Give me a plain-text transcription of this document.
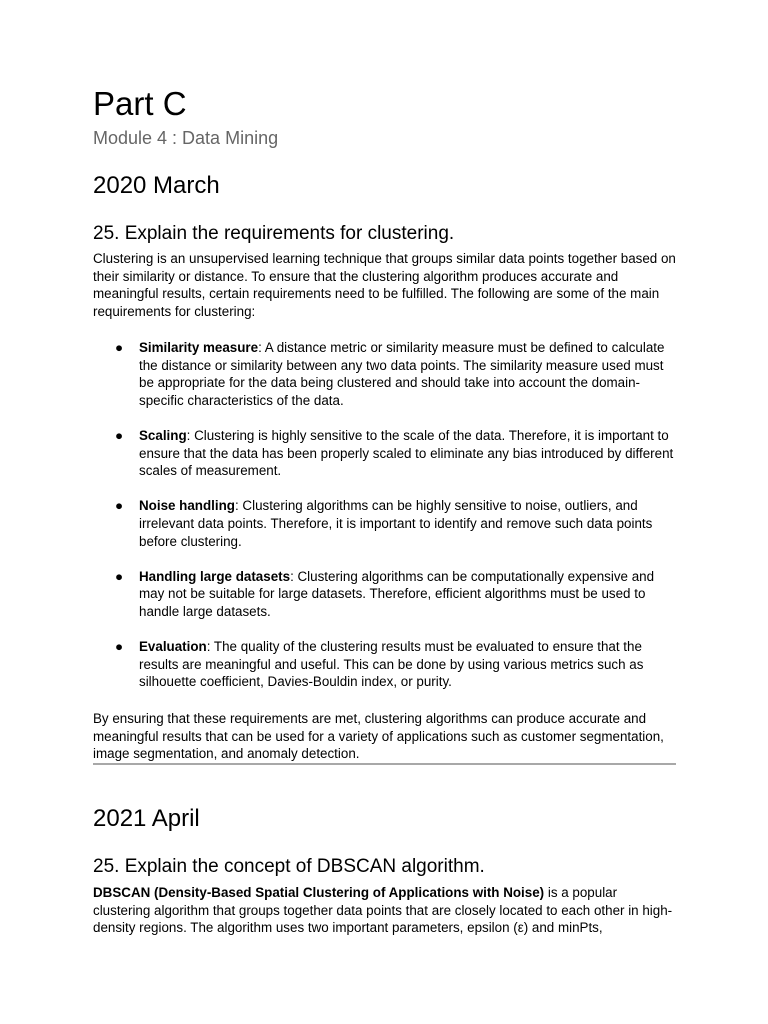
Part C

Module 4 : Data Mining

2020 March
25. Explain the requirements for clustering.

Clustering is an unsupervised learning technique that groups similar data points together based on their similarity or distance. To ensure that the clustering algorithm produces accurate and meaningful results, certain requirements need to be fulfilled. The following are some of the main requirements for clustering:

● Similarity measure: A distance metric or similarity measure must be defined to calculate the distance or similarity between any two data points. The similarity measure used must be appropriate for the data being clustered and should take into account the domain-specific characteristics of the data.
● Scaling: Clustering is highly sensitive to the scale of the data. Therefore, it is important to ensure that the data has been properly scaled to eliminate any bias introduced by different scales of measurement.
● Noise handling: Clustering algorithms can be highly sensitive to noise, outliers, and irrelevant data points. Therefore, it is important to identify and remove such data points before clustering.
● Handling large datasets: Clustering algorithms can be computationally expensive and may not be suitable for large datasets. Therefore, efficient algorithms must be used to handle large datasets.
● Evaluation: The quality of the clustering results must be evaluated to ensure that the results are meaningful and useful. This can be done by using various metrics such as silhouette coefficient, Davies-Bouldin index, or purity.

By ensuring that these requirements are met, clustering algorithms can produce accurate and meaningful results that can be used for a variety of applications such as customer segmentation, image segmentation, and anomaly detection.

2021 April
25. Explain the concept of DBSCAN algorithm.

DBSCAN (Density-Based Spatial Clustering of Applications with Noise) is a popular clustering algorithm that groups together data points that are closely located to each other in high-density regions. The algorithm uses two important parameters, epsilon (ε) and minPts,
